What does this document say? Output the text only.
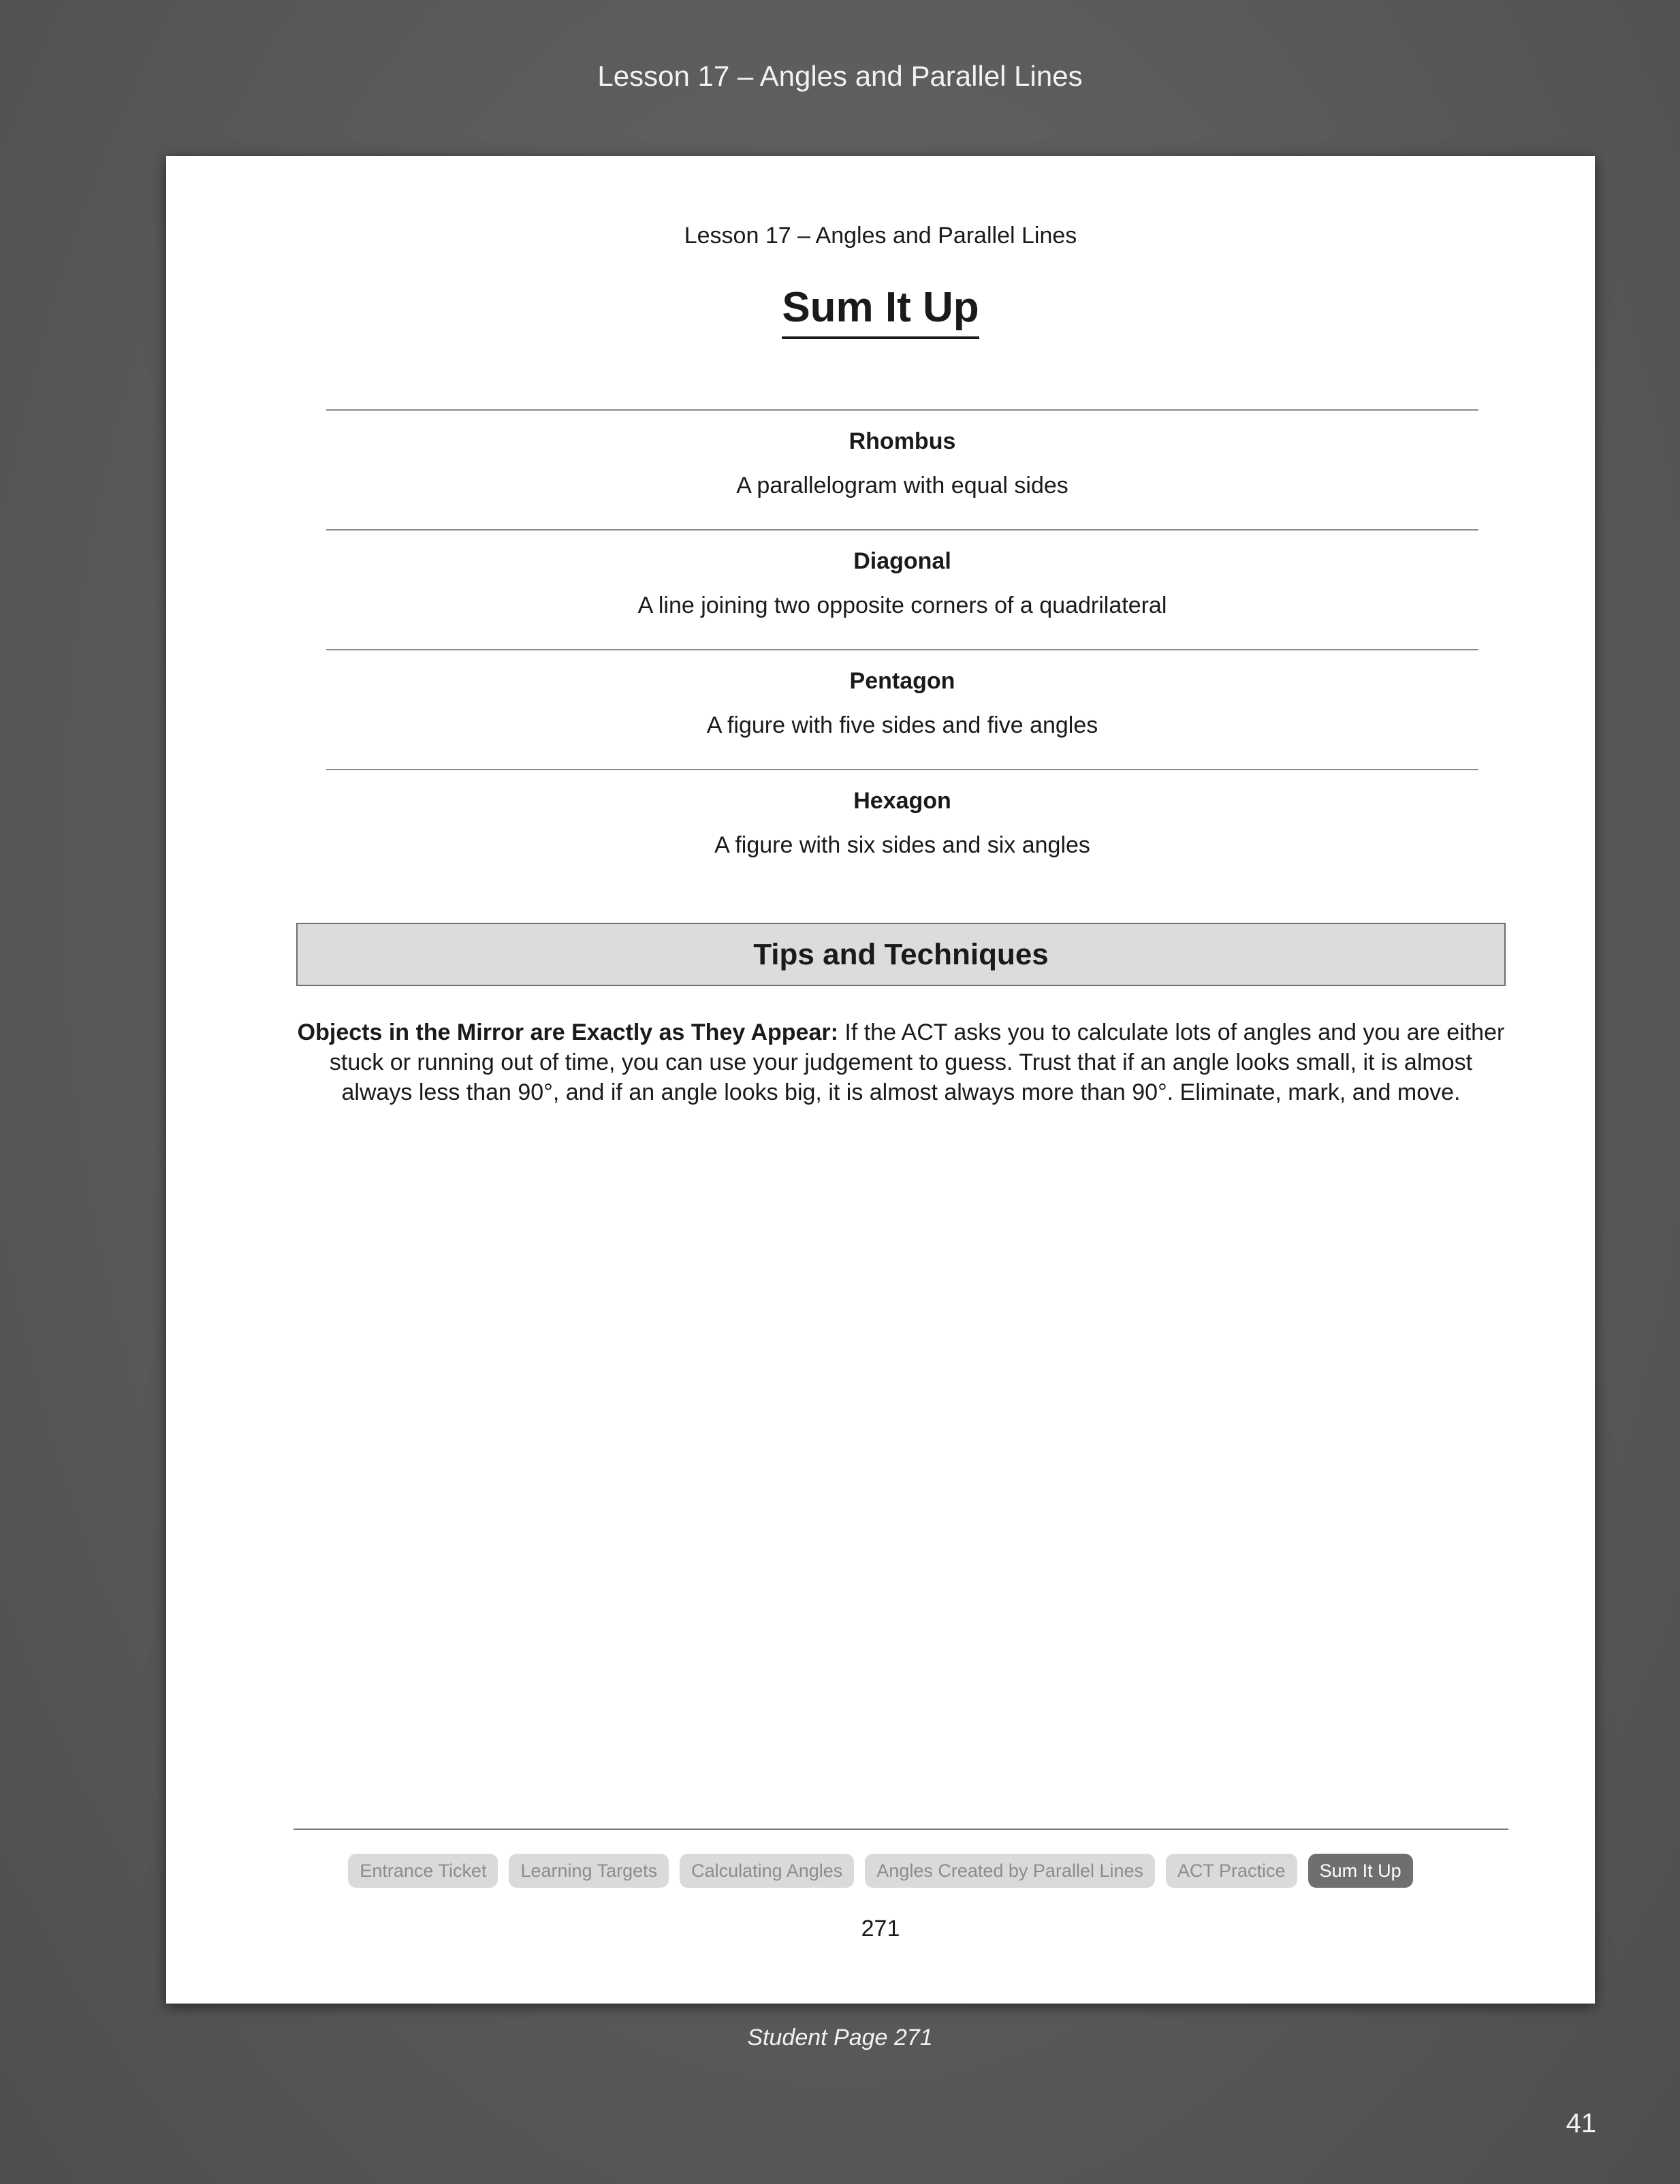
Lesson 17 – Angles and Parallel Lines
Lesson 17 – Angles and Parallel Lines
Sum It Up
Rhombus
A parallelogram with equal sides
Diagonal
A line joining two opposite corners of a quadrilateral
Pentagon
A figure with five sides and five angles
Hexagon
A figure with six sides and six angles
Tips and Techniques
Objects in the Mirror are Exactly as They Appear: If the ACT asks you to calculate lots of angles and you are either stuck or running out of time, you can use your judgement to guess. Trust that if an angle looks small, it is almost always less than 90°, and if an angle looks big, it is almost always more than 90°. Eliminate, mark, and move.
Entrance Ticket Learning Targets Calculating Angles Angles Created by Parallel Lines ACT Practice Sum It Up
271
Student Page 271
41
